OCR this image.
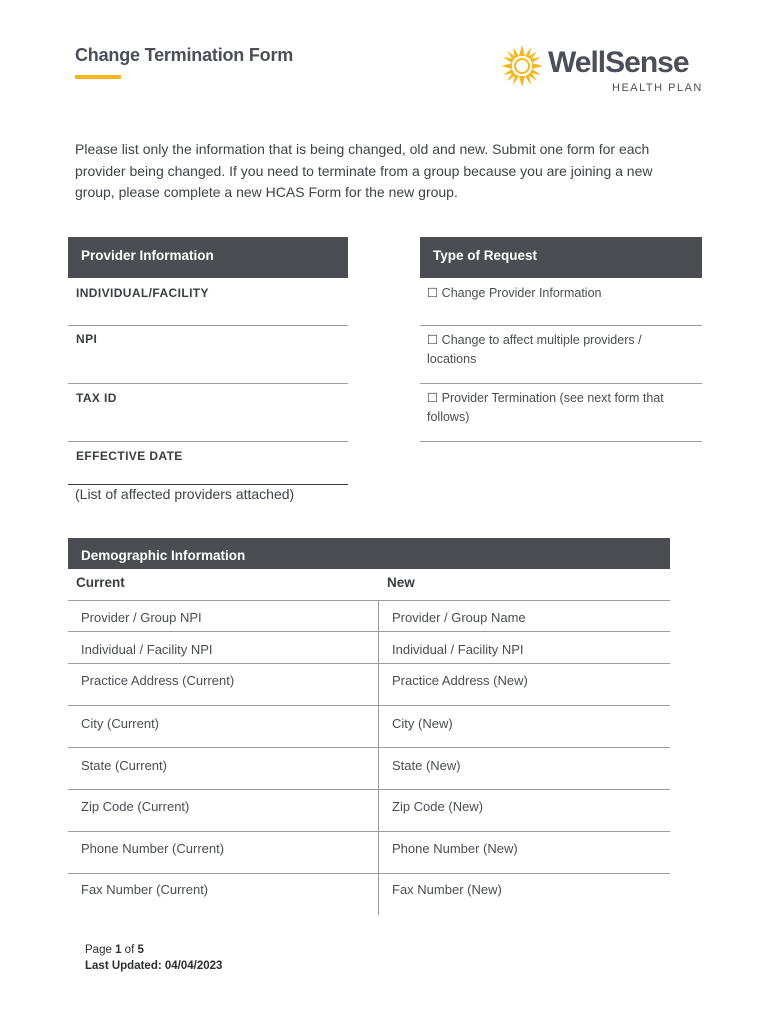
Change Termination Form	WellSense
HEALTH PLAN
Please list only the information that is being changed, old and new. Submit one form for each provider being changed. If you need to terminate from a group because you are joining a new group, please complete a new HCAS Form for the new group.
Provider Information
INDIVIDUAL/FACILITY
NPI
TAX ID
EFFECTIVE DATE
(List of affected providers attached)
Type of Request
☐ Change Provider Information
☐ Change to affect multiple providers / locations
☐ Provider Termination (see next form that follows)
Demographic Information
Current	New
Provider / Group NPI	Provider / Group Name
Individual / Facility NPI	Individual / Facility NPI
Practice Address (Current)	Practice Address (New)
City (Current)	City (New)
State (Current)	State (New)
Zip Code (Current)	Zip Code (New)
Phone Number (Current)	Phone Number (New)
Fax Number (Current)	Fax Number (New)
Page 1 of 5
Last Updated: 04/04/2023
